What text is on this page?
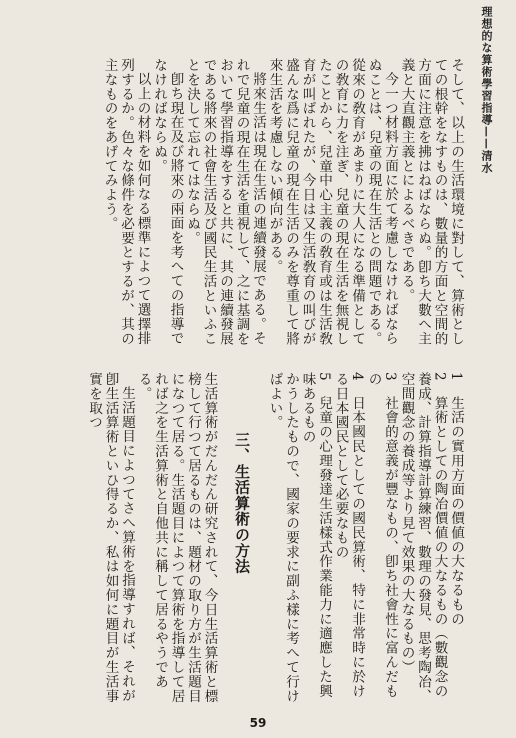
理想的な算術學習指導——清水

そして、以上の生活環境に對して、算術としての根幹をなすものは、數量的方面と空間的方面に注意を拂はねばならぬ。卽ち大數へ主義と大直觀主義とによるべきである。

今一つ材料方面に於て考慮しなければならぬことは、兒童の現在生活との問題である。從來の敎育があまりに大人になる準備としての敎育に力を注ぎ、兒童の現在生活を無視したことから、兒童中心主義の敎育或は生活敎育が叫ばれたが、今日は又生活敎育の叫びが盛んな爲に兒童の現在生活のみを尊重して將來生活を考慮しない傾向がある。

將來生活は現在生活の連續發展である。それで兒童の現在生活を重視して、之に基調をおいて學習指導をすると共に、其の連續發展である將來の社會生活及び國民生活といふことを決して忘れてはならぬ。

卽ち現在及び將來の兩面を考へての指導でなければならぬ。

以上の材料を如何なる標準によつて選擇排列するか。色々な條件を必要とするが、其の主なものをあげてみよう。

1　生活の實用方面の價値の大なるもの

2　算術としての陶冶價値の大なるもの（數觀念の養成、計算指導計算練習、數理の發見、思考陶冶、空間觀念の養成等より見て效果の大なるもの）

3　社會的意義が豐なもの、卽ち社會性に富んだもの

4　日本國民としての國民算術、特に非常時に於ける日本國民として必要なもの

5　兒童の心理發達生活樣式作業能力に適應した興味あるもの

かうしたもので、國家の要求に副ふ樣に考へて行けばよい。

三、生活算術の方法

生活算術がだんだん研究されて、今日生活算術と標榜して行つて居るものは、題材の取り方が生活題目になつて居る。生活題目によつて算術を指導して居れば之を生活算術と自他共に稱して居るやうである。

生活題目によつてさへ算術を指導すれば、それが卽生活算術といひ得るか、私は如何に題目が生活事實を取つ

59
